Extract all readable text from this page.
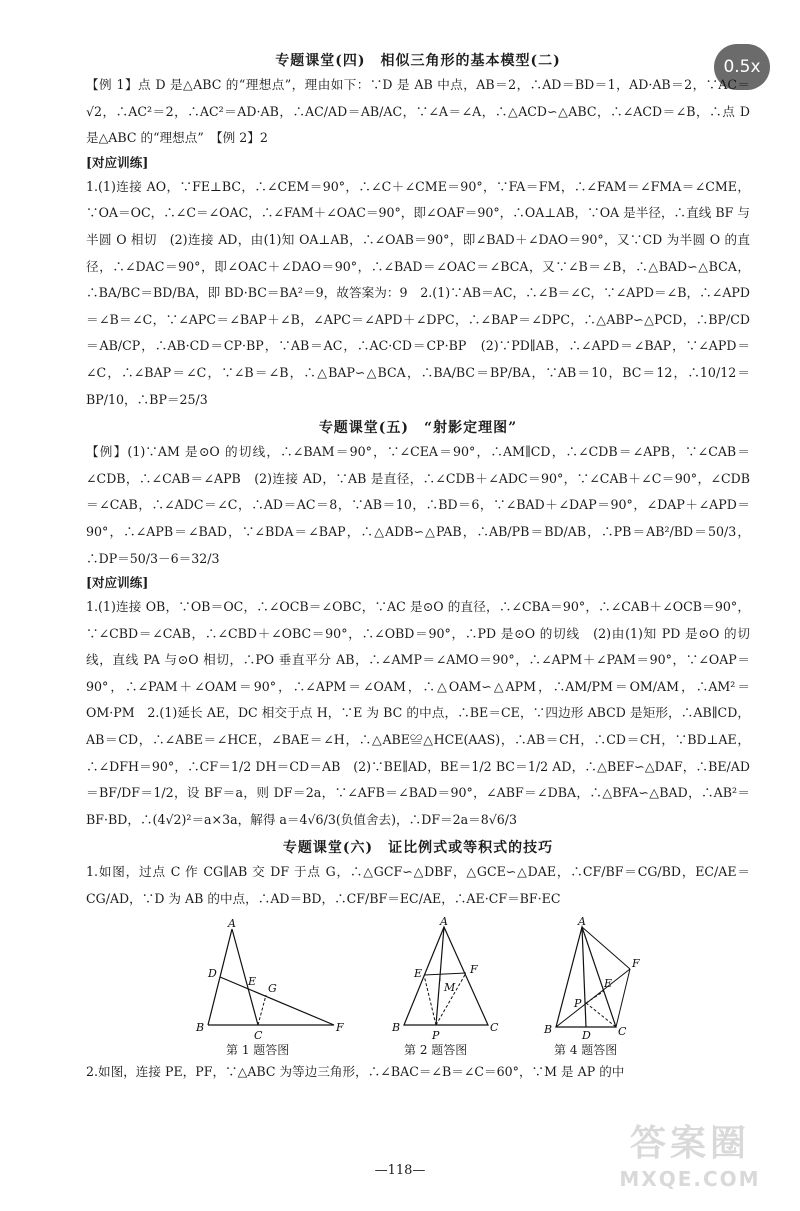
0.5x
专题课堂(四)　相似三角形的基本模型(二)

【例 1】点 D 是△ABC 的“理想点”，理由如下：∵D 是 AB 中点，AB＝2，∴AD＝BD＝1，AD·AB＝2，∵AC＝√2，∴AC²＝2，∴AC²＝AD·AB，∴AC/AD＝AB/AC，∵∠A＝∠A，∴△ACD∽△ABC，∴∠ACD＝∠B，∴点 D 是△ABC 的“理想点”　【例 2】2

[对应训练]

1.(1)连接 AO，∵FE⊥BC，∴∠CEM＝90°，∴∠C＋∠CME＝90°，∵FA＝FM，∴∠FAM＝∠FMA＝∠CME，∵OA＝OC，∴∠C＝∠OAC，∴∠FAM＋∠OAC＝90°，即∠OAF＝90°，∴OA⊥AB，∵OA 是半径，∴直线 BF 与半圆 O 相切　(2)连接 AD，由(1)知 OA⊥AB，∴∠OAB＝90°，即∠BAD＋∠DAO＝90°，又∵CD 为半圆 O 的直径，∴∠DAC＝90°，即∠OAC＋∠DAO＝90°，∴∠BAD＝∠OAC＝∠BCA，又∵∠B＝∠B，∴△BAD∽△BCA，∴BA/BC＝BD/BA，即 BD·BC＝BA²＝9，故答案为：9　2.(1)∵AB＝AC，∴∠B＝∠C，∵∠APD＝∠B，∴∠APD＝∠B＝∠C，∵∠APC＝∠BAP＋∠B，∠APC＝∠APD＋∠DPC，∴∠BAP＝∠DPC，∴△ABP∽△PCD，∴BP/CD＝AB/CP，∴AB·CD＝CP·BP，∵AB＝AC，∴AC·CD＝CP·BP　(2)∵PD∥AB，∴∠APD＝∠BAP，∵∠APD＝∠C，∴∠BAP＝∠C，∵∠B＝∠B，∴△BAP∽△BCA，∴BA/BC＝BP/BA，∵AB＝10，BC＝12，∴10/12＝BP/10，∴BP＝25/3

专题课堂(五)　“射影定理图”

【例】(1)∵AM 是⊙O 的切线，∴∠BAM＝90°，∵∠CEA＝90°，∴AM∥CD，∴∠CDB＝∠APB，∵∠CAB＝∠CDB，∴∠CAB＝∠APB　(2)连接 AD，∵AB 是直径，∴∠CDB＋∠ADC＝90°，∵∠CAB＋∠C＝90°，∠CDB＝∠CAB，∴∠ADC＝∠C，∴AD＝AC＝8，∵AB＝10，∴BD＝6，∵∠BAD＋∠DAP＝90°，∠DAP＋∠APD＝90°，∴∠APB＝∠BAD，∵∠BDA＝∠BAP，∴△ADB∽△PAB，∴AB/PB＝BD/AB，∴PB＝AB²/BD＝50/3，∴DP＝50/3－6＝32/3

[对应训练]

1.(1)连接 OB，∵OB＝OC，∴∠OCB＝∠OBC，∵AC 是⊙O 的直径，∴∠CBA＝90°，∴∠CAB＋∠OCB＝90°，∵∠CBD＝∠CAB，∴∠CBD＋∠OBC＝90°，∴∠OBD＝90°，∴PD 是⊙O 的切线　(2)由(1)知 PD 是⊙O 的切线，直线 PA 与⊙O 相切，∴PO 垂直平分 AB，∴∠AMP＝∠AMO＝90°，∴∠APM＋∠PAM＝90°，∵∠OAP＝90°，∴∠PAM＋∠OAM＝90°，∴∠APM＝∠OAM，∴△OAM∽△APM，∴AM/PM＝OM/AM，∴AM²＝OM·PM　2.(1)延长 AE，DC 相交于点 H，∵E 为 BC 的中点，∴BE＝CE，∵四边形 ABCD 是矩形，∴AB∥CD，AB＝CD，∴∠ABE＝∠HCE，∠BAE＝∠H，∴△ABE≌△HCE(AAS)，∴AB＝CH，∴CD＝CH，∵BD⊥AE，∴∠DFH＝90°，∴CF＝1/2 DH＝CD＝AB　(2)∵BE∥AD，BE＝1/2 BC＝1/2 AD，∴△BEF∽△DAF，∴BE/AD＝BF/DF＝1/2，设 BF＝a，则 DF＝2a，∵∠AFB＝∠BAD＝90°，∠ABF＝∠DBA，∴△BFA∽△BAD，∴AB²＝BF·BD，∴(4√2)²＝a×3a，解得 a＝4√6/3(负值舍去)，∴DF＝2a＝8√6/3

专题课堂(六)　证比例式或等积式的技巧

1.如图，过点 C 作 CG∥AB 交 DF 于点 G，∴△GCF∽△DBF，△GCE∽△DAE，∴CF/BF＝CG/BD，EC/AE＝CG/AD，∵D 为 AB 的中点，∴AD＝BD，∴CF/BF＝EC/AE，∴AE·CF＝BF·EC

A
D
E
G
B
C
F
第 1 题答图
A
E	F
M
B
P
C
第 2 题答图
A
F
E
P
B	D C
第 4 题答图

2.如图，连接 PE，PF，∵△ABC 为等边三角形，∴∠BAC＝∠B＝∠C＝60°，∵M 是 AP 的中

—118—
答案圈
MXQE.COM
